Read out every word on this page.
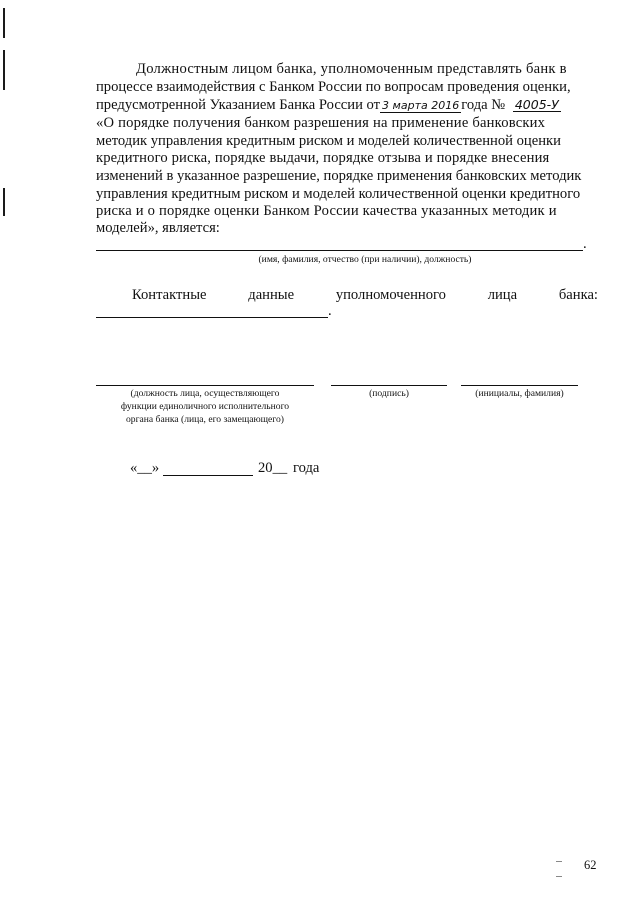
Должностным лицом банка, уполномоченным представлять банк в
процессе взаимодействия с Банком России по вопросам проведения оценки,
предусмотренной Указанием Банка России от 3 марта 2016 года № 4005-У
«О порядке получения банком разрешения на применение банковских
методик управления кредитным риском и моделей количественной оценки
кредитного риска, порядке выдачи, порядке отзыва и порядке внесения
изменений в указанное разрешение, порядке применения банковских методик
управления кредитным риском и моделей количественной оценки кредитного
риска и о порядке оценки Банком России качества указанных методик и
моделей», является:
.
(имя, фамилия, отчество (при наличии), должность)
Контактные	данные	уполномоченного	лица	банка:
.
(должность лица, осуществляющего
функции единоличного исполнительного
органа банка (лица, его замещающего)
(подпись)	(инициалы, фамилия)
«__»	20__ года
62
